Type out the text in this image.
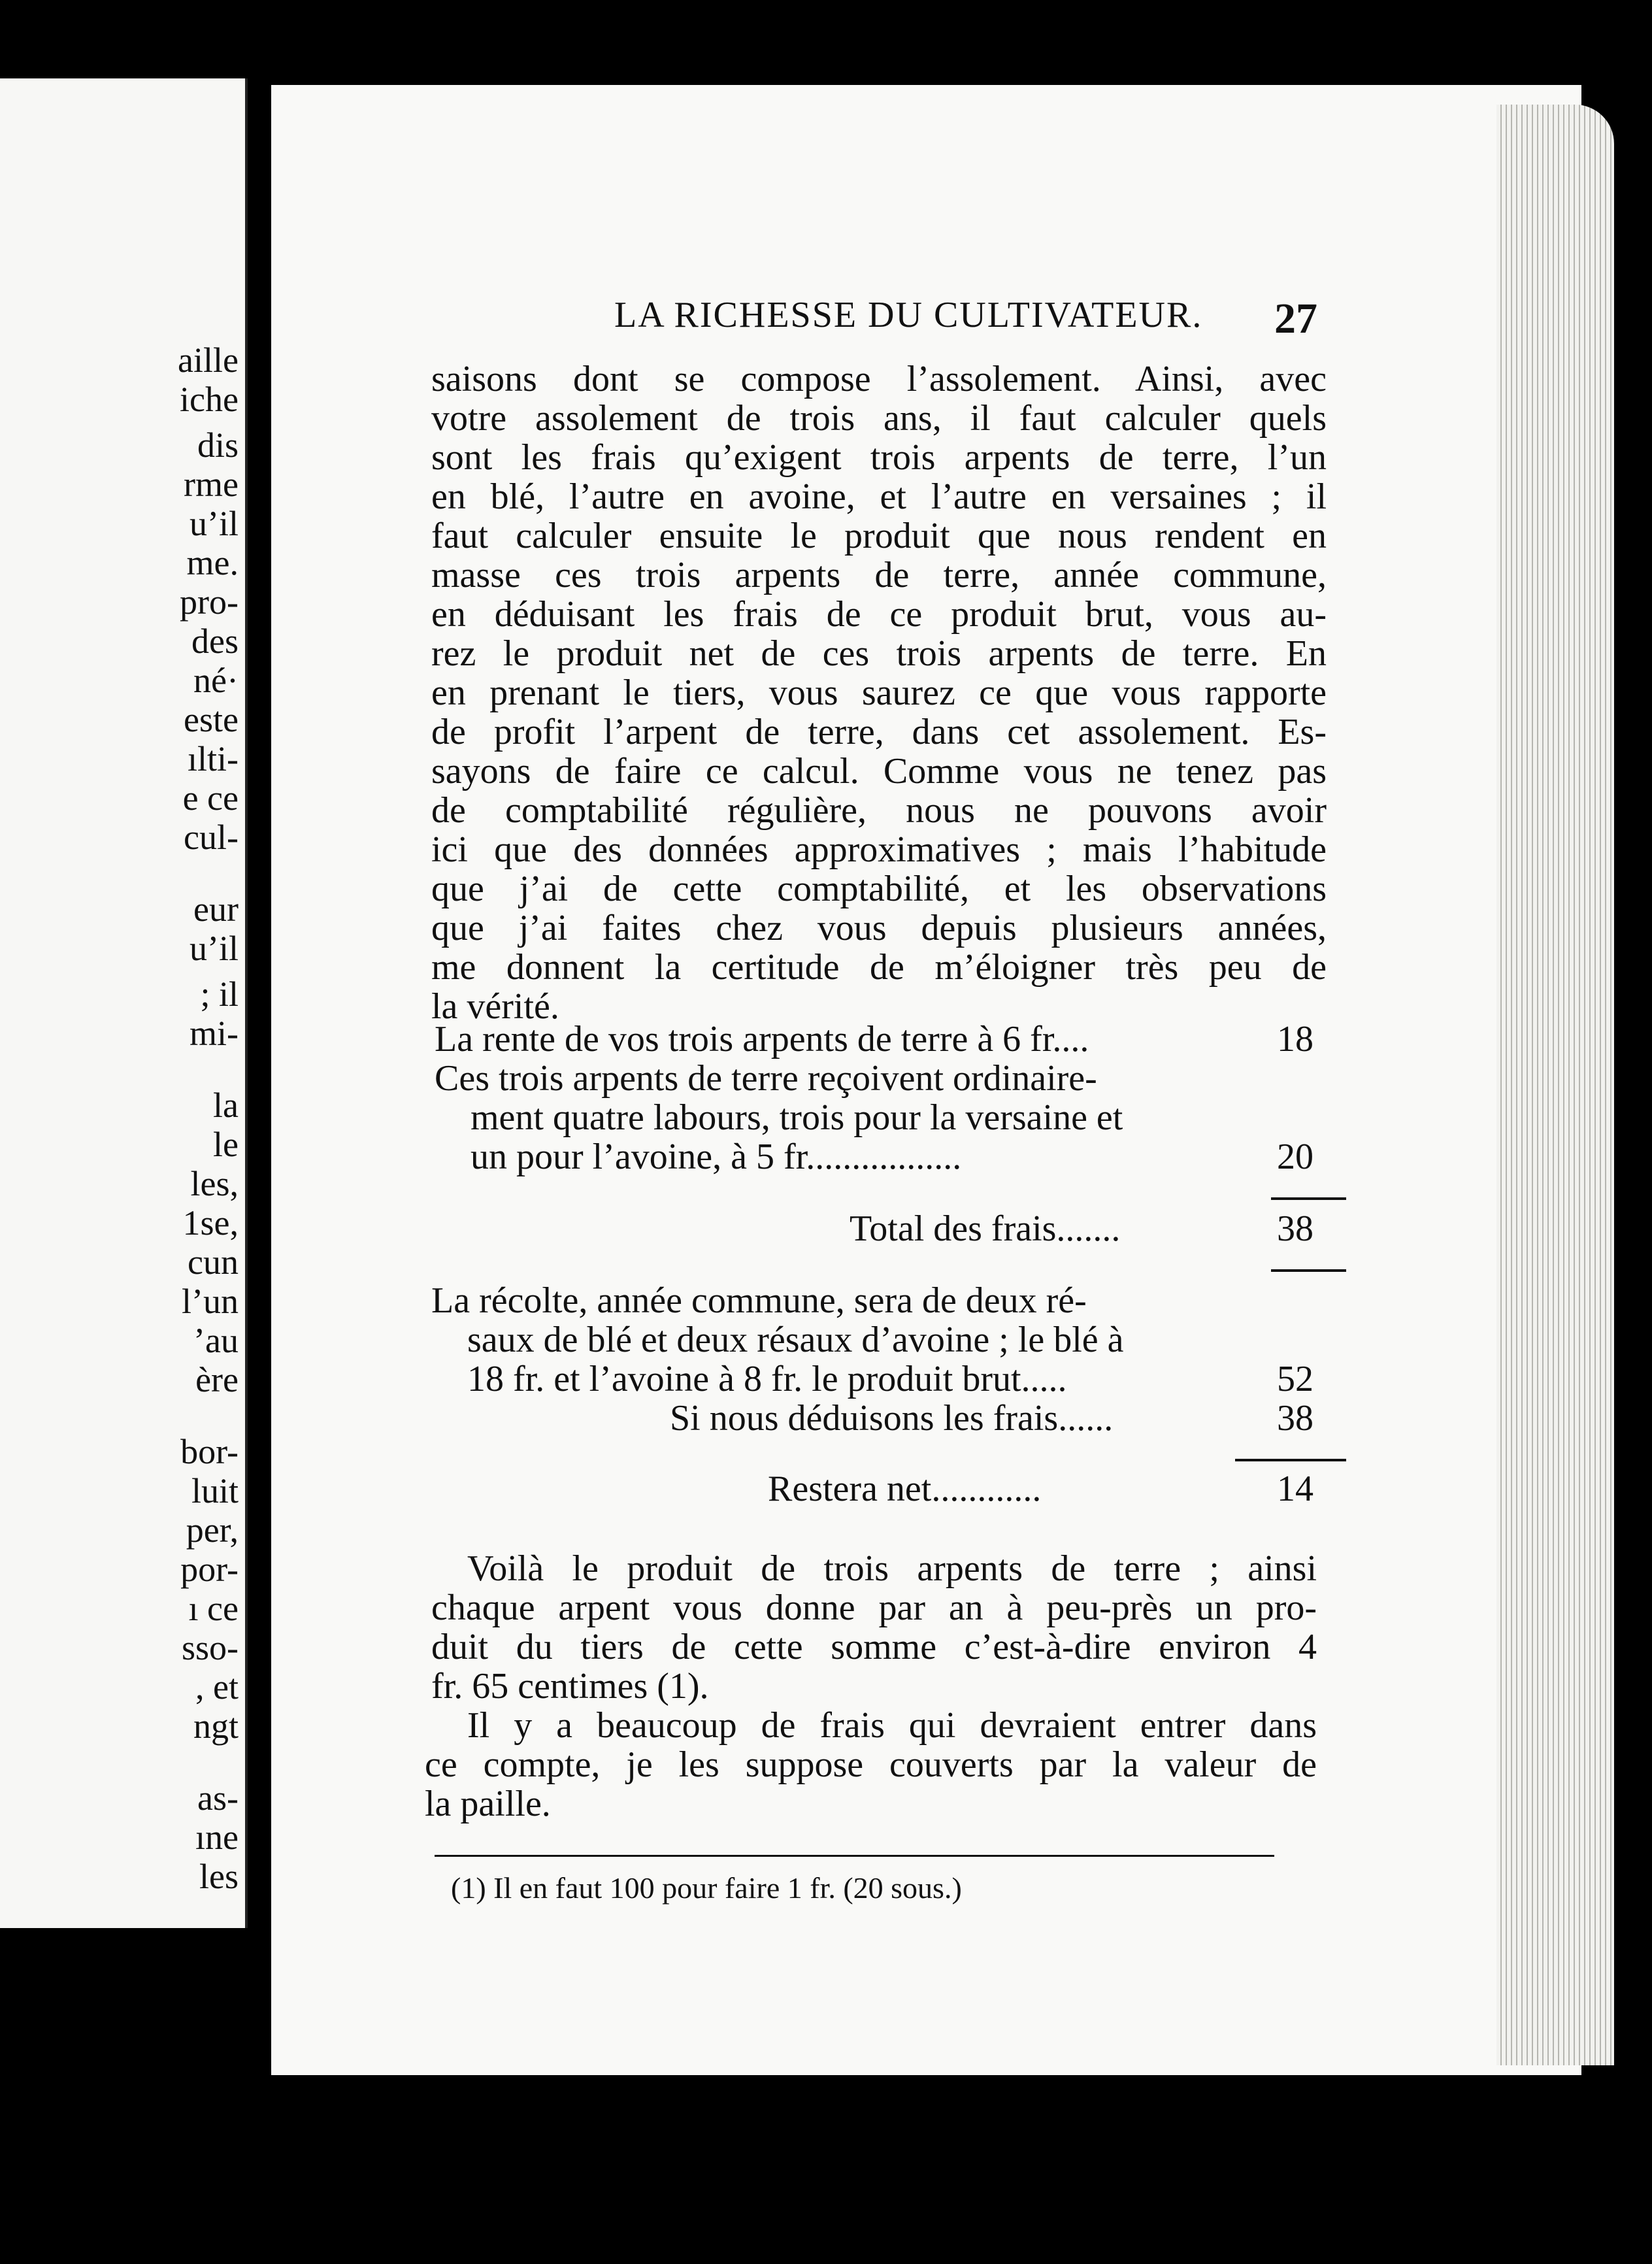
aille
iche
dis
rme
u’il
me.
pro-
des
né·
este
ılti-
e ce
cul-
eur
u’il
; il
mi-
la
le
les,
1se,
cun
l’un
’au
ère
bor-
luit
per,
por-
ı ce
sso-
, et
ngt
as-
ıne
les
LA RICHESSE DU CULTIVATEUR. 27
saisons dont se compose l’assolement. Ainsi, avec
votre assolement de trois ans, il faut calculer quels
sont les frais qu’exigent trois arpents de terre, l’un
en blé, l’autre en avoine, et l’autre en versaines ; il
faut calculer ensuite le produit que nous rendent en
masse ces trois arpents de terre, année commune,
en déduisant les frais de ce produit brut, vous au-
rez le produit net de ces trois arpents de terre. En
en prenant le tiers, vous saurez ce que vous rapporte
de profit l’arpent de terre, dans cet assolement. Es-
sayons de faire ce calcul. Comme vous ne tenez pas
de comptabilité régulière, nous ne pouvons avoir
ici que des données approximatives ; mais l’habitude
que j’ai de cette comptabilité, et les observations
que j’ai faites chez vous depuis plusieurs années,
me donnent la certitude de m’éloigner très peu de
la vérité.
La rente de vos trois arpents de terre à 6 fr....	18
Ces trois arpents de terre reçoivent ordinaire-
ment quatre labours, trois pour la versaine et
un pour l’avoine, à 5 fr.................	20
Total des frais.......	38
La récolte, année commune, sera de deux ré-
saux de blé et deux résaux d’avoine ; le blé à
18 fr. et l’avoine à 8 fr. le produit brut.....	52
Si nous déduisons les frais......	38
Restera net............	14
Voilà le produit de trois arpents de terre ; ainsi
chaque arpent vous donne par an à peu-près un pro-
duit du tiers de cette somme c’est-à-dire environ 4
fr. 65 centimes (1).
Il y a beaucoup de frais qui devraient entrer dans
ce compte, je les suppose couverts par la valeur de
la paille.
(1) Il en faut 100 pour faire 1 fr. (20 sous.)
